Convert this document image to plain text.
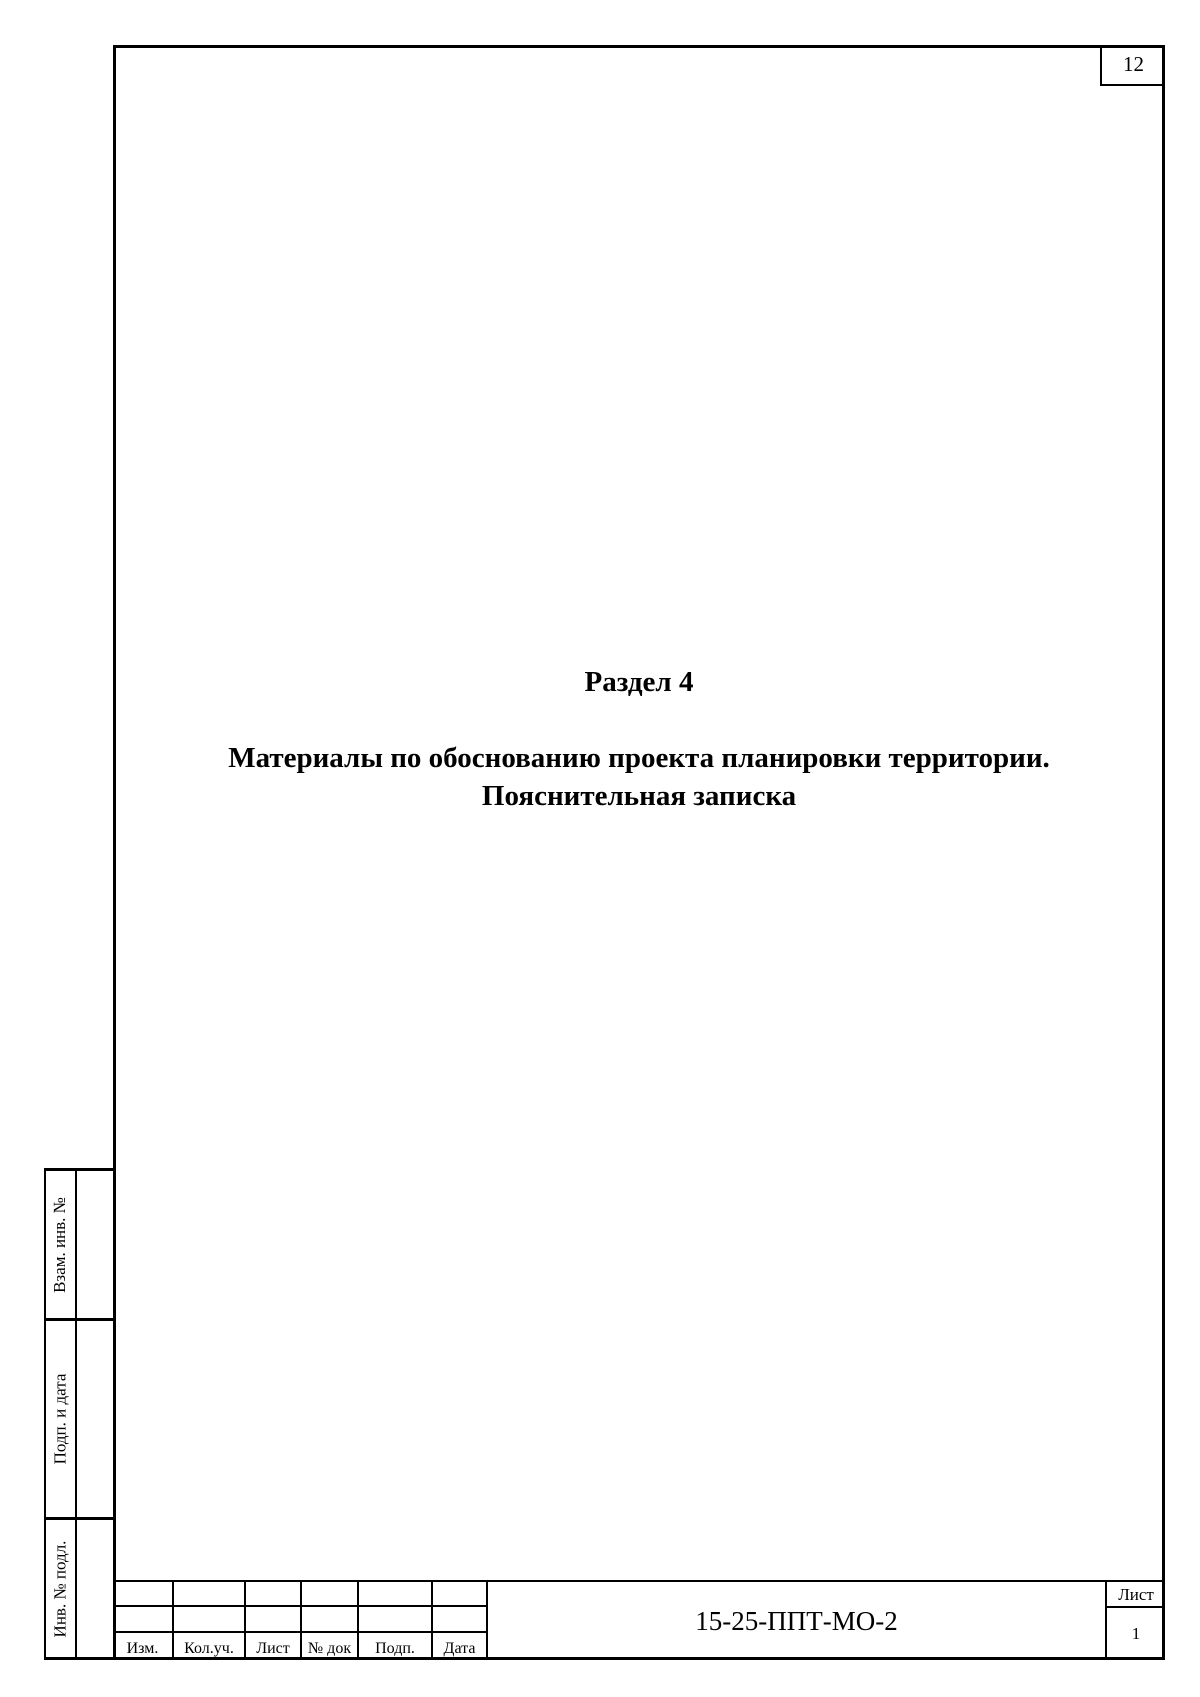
12
Раздел 4
Материалы по обоснованию проекта планировки территории.
Пояснительная записка
Взам. инв. №
Подп. и дата
Инв. № подл.
Изм.	Кол.уч.	Лист	№ док	Подп.	Дата
15-25-ППТ-МО-2
Лист
1
